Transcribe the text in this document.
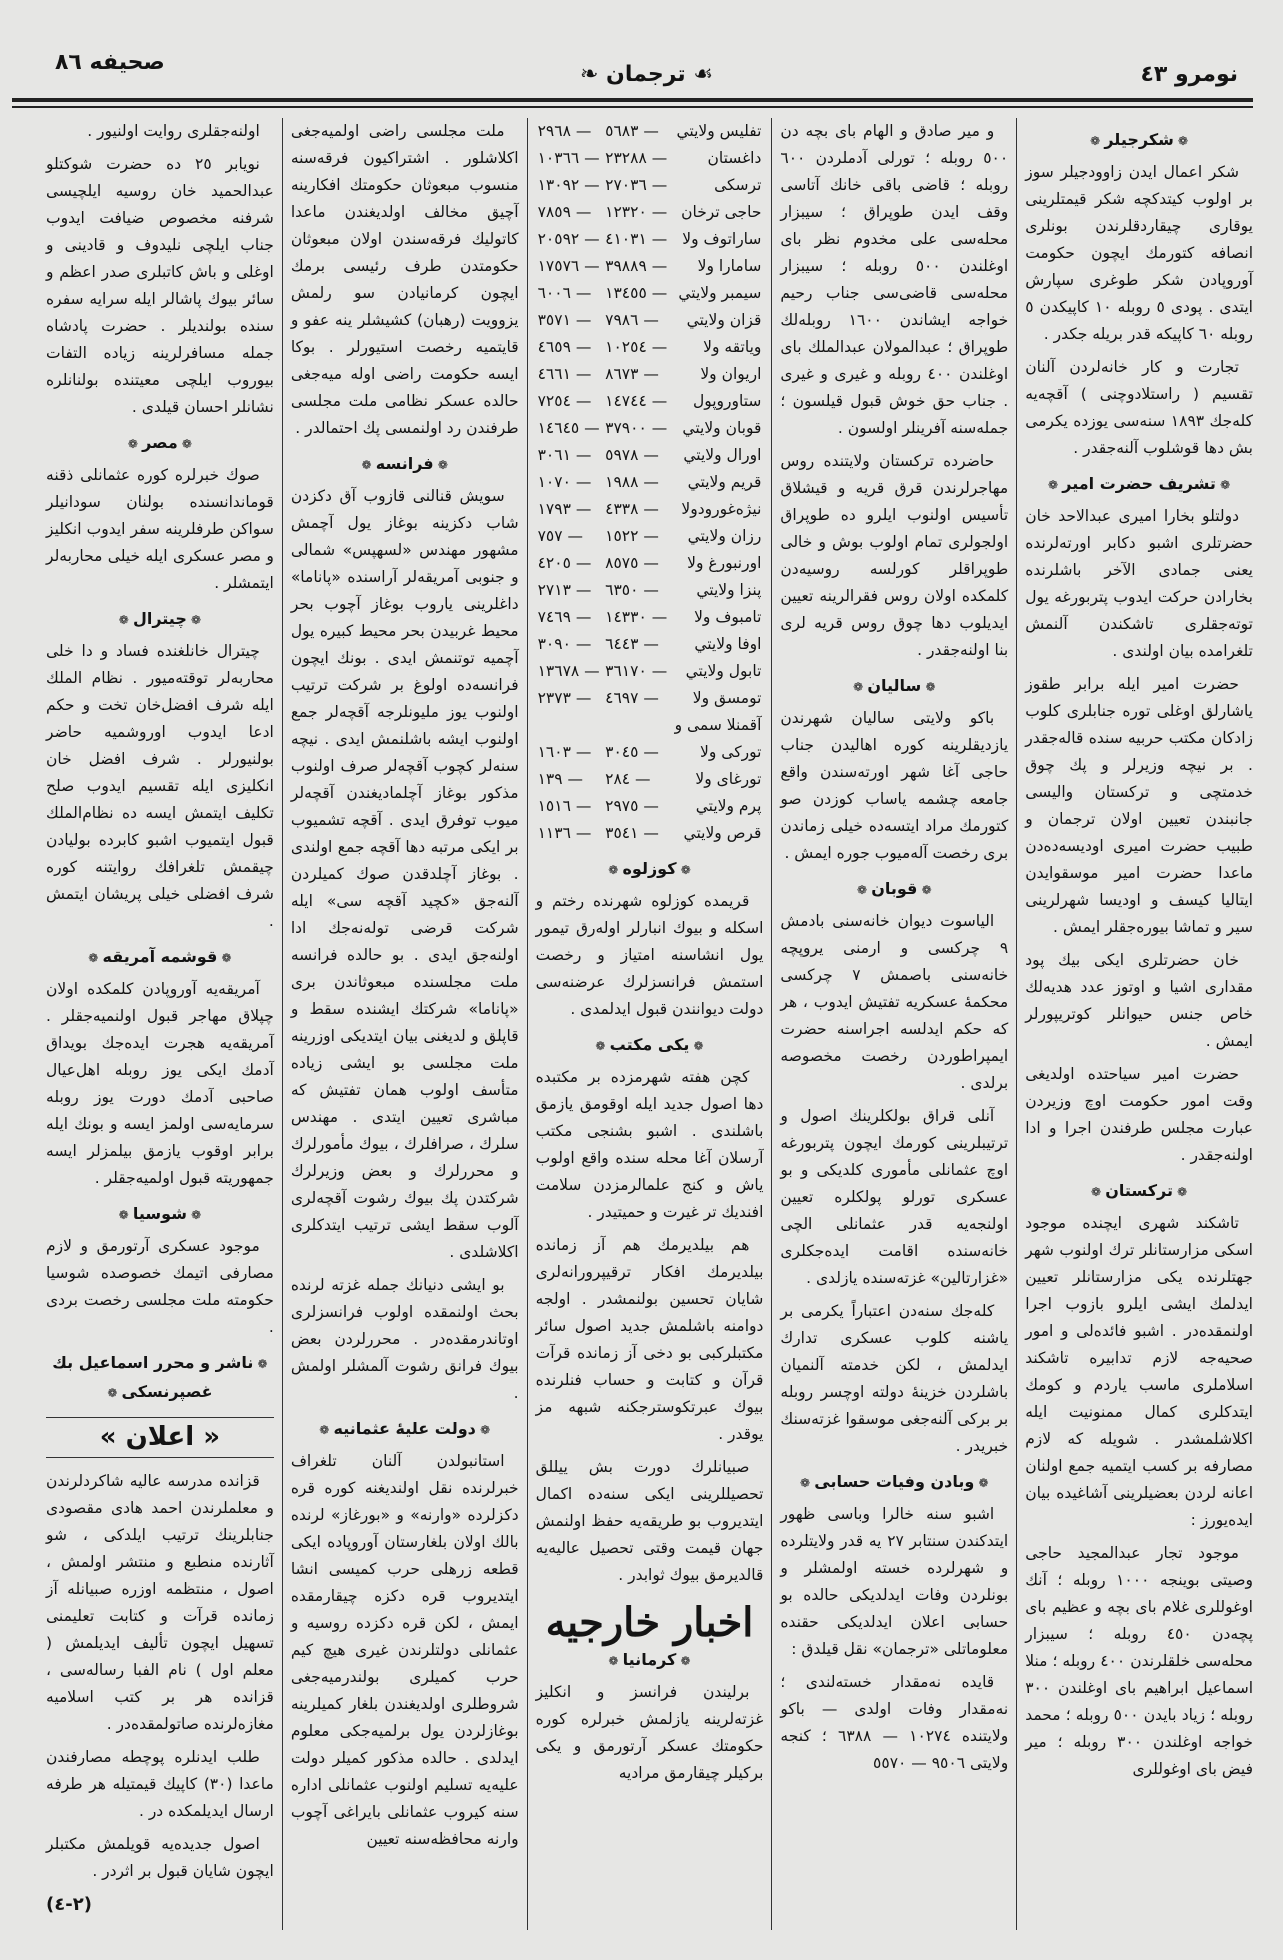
صحيفه ٨٦	❧ ترجمان ☙	نومرو ٤٣
❁ شكرجيلر ❁

شكر اعمال ايدن زاوودجيلر سوز بر اولوب كيتدكچه شكر قيمتلرينى يوقارى چيقاردقلرندن بونلرى انصافه كتورمك ايچون حكومت آوروپادن شكر طوغرى سپارش ايتدى . پودى ٥ روبله ١٠ كاپيكدن ٥ روبله ٦٠ كاپيكه قدر بريله جكدر .

تجارت و كار خانه‌لردن آلنان تقسيم ( راستلادوچنى ) آقچه‌يه كله‌جك ١٨٩٣ سنه‌سى يوزده يكرمى بش دها قوشلوب آلنه‌جقدر .

❁ تشريف حضرت امير ❁

دولتلو بخارا اميرى عبدالاحد خان حضرتلرى اشبو دكابر اورته‌لرنده يعنى جمادى الآخر باشلرنده بخارادن حركت ايدوب پتربورغه يول توته‌جقلرى تاشكندن آلنمش تلغرامده بيان اولندى .

حضرت امير ايله برابر طقوز ياشارلق اوغلى توره جنابلرى كلوب زادكان مكتب حربيه سنده قاله‌جقدر . بر نيچه وزيرلر و پك چوق خدمتچى و تركستان واليسى جانبندن تعيين اولان ترجمان و طبيب حضرت اميرى اوديسه‌ده‌دن ماعدا حضرت امير موسقوايدن ايتاليا كيسف و اوديسا شهرلرينى سير و تماشا بيوره‌جقلر ايمش .

خان حضرتلرى ايكى بيك پود مقدارى اشيا و اوتوز عدد هديه‌لك خاص جنس حيوانلر كوتريپورلر ايمش .

حضرت امير سياحتده اولديغى وقت امور حكومت اوچ وزيردن عبارت مجلس طرفندن اجرا و ادا اولنه‌جقدر .

❁ تركستان ❁

تاشكند شهرى ايچنده موجود اسكى مزارستانلر ترك اولنوب شهر جهتلرنده يكى مزارستانلر تعيين ايدلمك ايشى ايلرو بازوب اجرا اولنمقده‌در . اشبو فائده‌لى و امور صحيه‌جه لازم تدابيره تاشكند اسلاملرى ماسب ياردم و كومك ايتدكلرى كمال ممنونيت ايله اكلاشلمشدر . شويله كه لازم مصارفه بر كسب ايتميه جمع اولنان اعانه لردن بعضيلرينى آشاغيده بيان ايده‌يورز :

موجود تجار عبدالمجيد حاجى وصيتى بوينجه ١٠٠٠ روبله ؛ آنك اوغوللرى غلام باى بچه و عظيم باى پچه‌دن ٤٥٠ روبله ؛ سيبزار محله‌سى خلقلرندن ٤٠٠ روبله ؛ منلا اسماعيل ابراهيم باى اوغلندن ٣٠٠ روبله ؛ زياد بايدن ٥٠٠ روبله ؛ محمد خواجه اوغلندن ٣٠٠ روبله ؛ مير فيض باى اوغوللرى

و مير صادق و الهام باى بچه دن ٥٠٠ روبله ؛ تورلى آدملردن ٦٠٠ روبله ؛ قاضى باقى خانك آتاسى وقف ايدن طوپراق ؛ سيبزار محله‌سى على مخدوم نظر باى اوغلندن ٥٠٠ روبله ؛ سيبزار محله‌سى قاضى‌سى جناب رحيم خواجه ايشاندن ١٦٠٠ روبله‌لك طوپراق ؛ عبدالمولان عبدالملك باى اوغلندن ٤٠٠ روبله و غيرى و غيرى . جناب حق خوش قبول قيلسون ؛ جمله‌سنه آفرينلر اولسون .

حاضرده تركستان ولايتنده روس مهاجرلرندن قرق قريه و قيشلاق تأسيس اولنوب ايلرو ده طوپراق اولجولرى تمام اولوب بوش و خالى طوپراقلر كورلسه روسيه‌دن كلمكده اولان روس فقرالرينه تعيين ايديلوب دها چوق روس قريه لرى بنا اولنه‌جقدر .

❁ ساليان ❁

باكو ولايتى ساليان شهرندن يازديقلرينه كوره اهاليدن جناب حاجى آغا شهر اورته‌سندن واقع جامعه چشمه ياساب كوزدن صو كتورمك مراد ايتسه‌ده خيلى زماندن برى رخصت آله‌ميوب جوره ايمش .

❁ قوبان ❁

الياسوت ديوان خانه‌سنى بادمش ٩ چركسى و ارمنى يروپچه خانه‌سنى باصمش ٧ چركسى محكمهٔ عسكريه تفتيش ايدوب ، هر كه حكم ايدلسه اجراسنه حضرت ايمپراطوردن رخصت مخصوصه برلدى .

آنلى قراق بولكلرينك اصول و ترتيبلرينى كورمك ايچون پتربورغه اوچ عثمانلى مأمورى كلديكى و بو عسكرى تورلو پولكلره تعيين اولنجه‌يه قدر عثمانلى الچى خانه‌سنده اقامت ايده‌جكلرى «غزارتالين» غزته‌سنده يازلدى .

كله‌جك سنه‌دن اعتباراً يكرمى بر ياشنه كلوب عسكرى تدارك ايدلمش ، لكن خدمته آلنميان باشلردن خزينهٔ دولته اوچسر روبله بر بركى آلنه‌جغى موسقوا غزته‌سنك خبريدر .

❁ وبادن وفيات حسابى ❁

اشبو سنه خالرا وباسى ظهور ايتدكندن سنتابر ٢٧ يه قدر ولايتلرده و شهرلرده خسته اولمشلر و بونلردن وفات ايدلديكى حالده بو حسابى اعلان ايدلديكى حقنده معلوماتلى «ترجمان» نقل قيلدق :

قايده نه‌مقدار خسته‌لندى ؛ نه‌مقدار وفات اولدى — باكو ولايتنده ١٠٢٧٤ — ٦٣٨٨ ؛ كنجه ولايتى ٩٥٠٦ — ٥٥٧٠

تفليس ولايتي	— ٥٦٨٣	— ٢٩٦٨
داغستان	— ٢٣٢٨٨	— ١٠٣٦٦
ترسكى	— ٢٧٠٣٦	— ١٣٠٩٢
حاجى ترخان	— ١٢٣٢٠	— ٧٨٥٩
ساراتوف ولا	— ٤١٠٣١	— ٢٠٥٩٢
سامارا ولا	— ٣٩٨٨٩	— ١٧٥٧٦
سيمبر ولايتي	— ١٣٤٥٥	— ٦٠٠٦
قزان ولايتي	— ٧٩٨٦	— ٣٥٧١
وياتقه ولا	— ١٠٢٥٤	— ٤٦٥٩
اريوان ولا	— ٨٦٧٣	— ٤٦٦١
ستاوروپول	— ١٤٧٤٤	— ٧٢٥٤
قوبان ولايتي	— ٣٧٩٠٠	— ١٤٦٤٥
اورال ولايتي	— ٥٩٧٨	— ٣٠٦١
قريم ولايتي	— ١٩٨٨	— ١٠٧٠
نيژه‌غورودولا	— ٤٣٣٨	— ١٧٩٣
رزان ولايتي	— ١٥٢٢	— ٧٥٧
اورنبورغ ولا	— ٨٥٧٥	— ٤٢٠٥
پنزا ولايتي	— ٦٣٥٠	— ٢٧١٣
تامبوف ولا	— ١٤٣٣٠	— ٧٤٦٩
اوفا ولايتي	— ٦٤٤٣	— ٣٠٩٠
تابول ولايتي	— ٣٦١٧٠	— ١٣٦٧٨
تومسق ولا	— ٤٦٩٧	— ٢٣٧٣
آقمنلا سمى و		
توركى ولا	— ٣٠٤٥	— ١٦٠٣
تورغاى ولا	— ٢٨٤	— ١٣٩
پرم ولايتي	— ٢٩٧٥	— ١٥١٦
قرص ولايتي	— ٣٥٤١	— ١١٣٦
❁ كوزلوه ❁

قريمده كوزلوه شهرنده رختم و اسكله و بيوك انبارلر اوله‌رق تيمور يول انشاسنه امتياز و رخصت استمش فرانسزلرك عرضنه‌سى دولت ديوانندن قبول ايدلمدى .

❁ يكى مكتب ❁

كچن هفته شهرمزده بر مكتبده دها اصول جديد ايله اوقومق يازمق باشلندى . اشبو بشنجى مكتب آرسلان آغا محله سنده واقع اولوب ياش و كنج علمالرمزدن سلامت افنديك تر غيرت و حميتيدر .

هم بيلديرمك هم آز زمانده بيلديرمك افكار ترقيپرورانه‌لرى شايان تحسين بولنمشدر . اولجه دوامنه باشلمش جديد اصول سائر مكتبلركبى بو دخى آز زمانده قرآت قرآن و كتابت و حساب فنلرنده بيوك عبرتكوسترجكنه شبهه مز يوقدر .

صبيانلرك دورت بش ييللق تحصيللرينى ايكى سنه‌ده اكمال ايتديروب بو طريقه‌يه حفظ اولنمش جهان قيمت وقتى تحصيل عاليه‌يه قالديرمق بيوك ثوابدر .

اخبار خارجيه
❁ كرمانيا ❁

برليندن فرانسز و انكليز غزته‌لرينه يازلمش خبرلره كوره حكومتك عسكر آرتورمق و يكى بركيلر چيقارمق مراديه

ملت مجلسى راضى اولميه‌جغى اكلاشلور . اشتراكيون فرقه‌سنه منسوب مبعوثان حكومتك افكارينه آچيق مخالف اولديغندن ماعدا كاتوليك فرقه‌سندن اولان مبعوثان حكومتدن طرف رئيسى برمك ايچون كرمانيادن سو رلمش يزوويت (رهبان) كشيشلر ينه عفو و قايتميه رخصت استيورلر . بوكا ايسه حكومت راضى اوله ميه‌جغى حالده عسكر نظامى ملت مجلسى طرفندن رد اولنمسى پك احتمالدر .

❁ فرانسه ❁

سويش قنالنى قازوب آق دكزدن شاب دكزينه بوغاز يول آچمش مشهور مهندس «لسهپس» شمالى و جنوبى آمريقه‌لر آراسنده «پاناما» داغلرينى ياروب بوغاز آچوب بحر محيط غربيدن بحر محيط كبيره يول آچميه توتنمش ايدى . بونك ايچون فرانسه‌ده اولوغ بر شركت ترتيب اولنوب يوز مليونلرجه آقچه‌لر جمع اولنوب ايشه باشلنمش ايدى . نيچه سنه‌لر كچوب آقچه‌لر صرف اولنوب مذكور بوغاز آچلماديغندن آقچه‌لر ميوب توفرق ايدى . آقچه تشميوب بر ايكى مرتبه دها آقچه جمع اولندى . بوغاز آچلدقدن صوك كميلردن آلنه‌جق «كچيد آقچه سى» ايله شركت قرضى توله‌نه‌جك ادا اولنه‌جق ايدى . بو حالده فرانسه ملت مجلسنده مبعوثاندن برى «پاناما» شركتك ايشنده سقط و قاپلق و لديغنى بيان ايتديكى اوزرينه ملت مجلسى بو ايشى زياده متأسف اولوب همان تفتيش كه مباشرى تعيين ايتدى . مهندس سلرك ، صرافلرك ، بيوك مأمورلرك و محررلرك و بعض وزيرلرك شركتدن پك بيوك رشوت آقچه‌لرى آلوب سقط ايشى ترتيب ايتدكلرى اكلاشلدى .

بو ايشى دنيانك جمله غزته لرنده بحث اولنمقده اولوب فرانسزلرى اوتاندرمقده‌در . محررلردن بعض بيوك فرانق رشوت آلمشلر اولمش .

❁ دولت عليهٔ عثمانيه ❁

استانبولدن آلنان تلغراف خبرلرنده نقل اولنديغنه كوره قره دكزلرده «وارنه» و «بورغاز» لرنده بالك اولان بلغارستان آوروپاده ايكى قطعه زرهلى حرب كميسى انشا ايتديروب قره دكزه چيقارمقده ايمش ، لكن قره دكزده روسيه و عثمانلى دولتلرندن غيرى هيچ كيم حرب كميلرى بولندرميه‌جغى شروطلرى اولديغندن بلغار كميلرينه بوغازلردن يول برلميه‌جكى معلوم ايدلدى . حالده مذكور كميلر دولت عليه‌يه تسليم اولنوب عثمانلى اداره سنه كيروب عثمانلى بايراغى آچوب وارنه محافظه‌سنه تعيين

اولنه‌جقلرى روايت اولنيور .

نويابر ٢٥ ده حضرت شوكتلو عبدالحميد خان روسيه ايلچيسى شرفنه مخصوص ضيافت ايدوب جناب ايلچى نليدوف و قادينى و اوغلى و باش كاتبلرى صدر اعظم و سائر بيوك پاشالر ايله سرايه سفره سنده بولنديلر . حضرت پادشاه جمله مسافرلرينه زياده التفات بيوروب ايلچى معيتنده بولنانلره نشانلر احسان قيلدى .

❁ مصر ❁

صوك خبرلره كوره عثمانلى ذقنه قوماندانسنده بولنان سودانيلر سواكن طرفلرينه سفر ايدوب انكليز و مصر عسكرى ايله خيلى محاربه‌لر ايتمشلر .

❁ چيترال ❁

چيترال خانلغنده فساد و دا خلى محاربه‌لر توقته‌ميور . نظام الملك ايله شرف افضل‌خان تخت و حكم ادعا ايدوب اوروشميه حاضر بولنيورلر . شرف افضل خان انكليزى ايله تقسيم ايدوب صلح تكليف ايتمش ايسه ده نظام‌الملك قبول ايتميوب اشبو كابرده بوليادن چيقمش تلغرافك روايتنه كوره شرف افضلى خيلى پريشان ايتمش .

❁ قوشمه آمريقه ❁

آمريقه‌يه آوروپادن كلمكده اولان چپلاق مهاجر قبول اولنميه‌جقلر . آمريقه‌يه هجرت ايده‌جك بويداق آدمك ايكى يوز روبله اهل‌عيال صاحبى آدمك دورت يوز روبله سرمايه‌سى اولمز ايسه و بونك ايله برابر اوقوب يازمق بيلمزلر ايسه جمهوريته قبول اولميه‌جقلر .

❁ شوسيا ❁

موجود عسكرى آرتورمق و لازم مصارفى اتيمك خصوصده شوسيا حكومته ملت مجلسى رخصت بردى .

❁ ناشر و محرر اسماعيل بك غصپرنسكى ❁
« اعلان »

قزانده مدرسه عاليه شاكردلرندن و معلملرندن احمد هادى مقصودى جنابلرينك ترتيب ايلدكى ، شو آثارنده منطبع و منتشر اولمش ، اصول ، منتظمه اوزره صبيانله آز زمانده قرآت و كتابت تعليمنى تسهيل ايچون تأليف ايديلمش ( معلم اول ) نام الفبا رساله‌سى ، قزانده هر بر كتب اسلاميه مغازه‌لرنده صاتولمقده‌در .

طلب ايدنلره پوچطه مصارفندن ماعدا (٣٠) كاپيك قيمتيله هر طرفه ارسال ايديلمكده در .

اصول جديده‌يه قويلمش مكتبلر ايچون شايان قبول بر اثردر .

(٢-٤)
